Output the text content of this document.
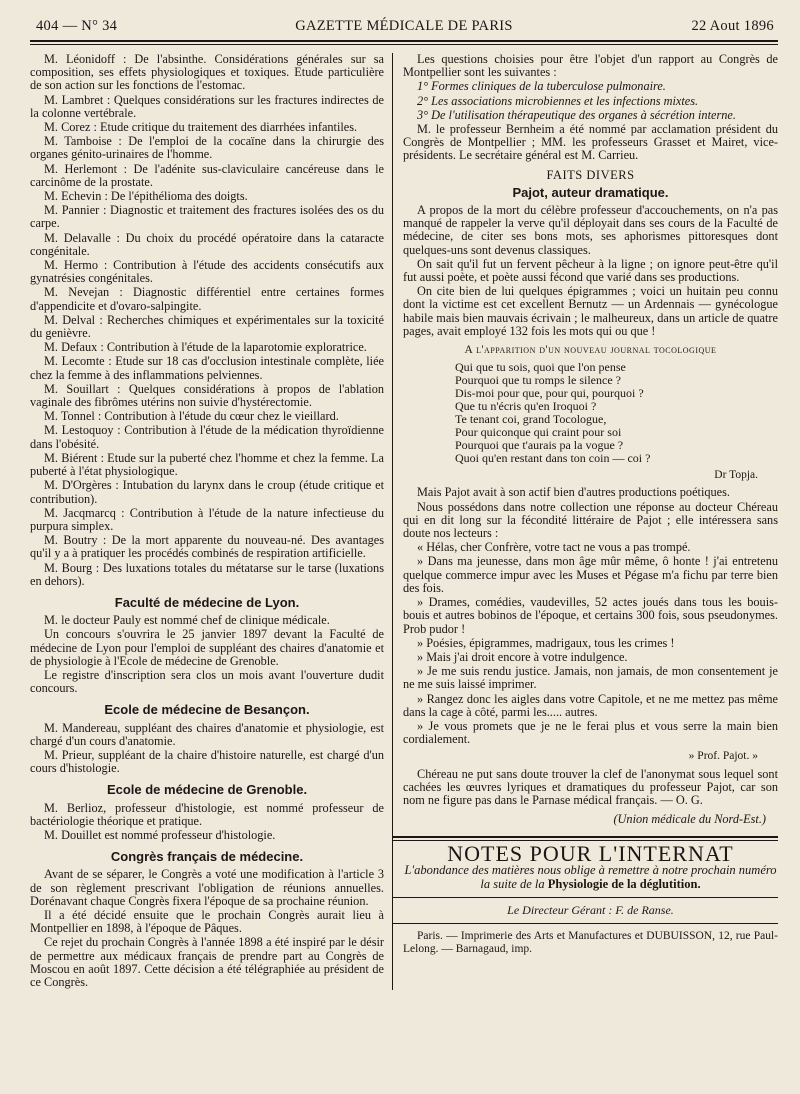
404 — N° 34	GAZETTE MÉDICALE DE PARIS	22 Aout 1896

M. Léonidoff : De l'absinthe. Considérations générales sur sa composition, ses effets physiologiques et toxiques. Etude particulière de son action sur les fonctions de l'estomac.

M. Lambret : Quelques considérations sur les fractures indirectes de la colonne vertébrale.

M. Corez : Etude critique du traitement des diarrhées infantiles.

M. Tamboise : De l'emploi de la cocaïne dans la chirurgie des organes génito-urinaires de l'homme.

M. Herlemont : De l'adénite sus-claviculaire cancéreuse dans le carcinôme de la prostate.

M. Echevin : De l'épithélioma des doigts.

M. Pannier : Diagnostic et traitement des fractures isolées des os du carpe.

M. Delavalle : Du choix du procédé opératoire dans la cataracte congénitale.

M. Hermo : Contribution à l'étude des accidents consécutifs aux gynatrésies congénitales.

M. Nevejan : Diagnostic différentiel entre certaines formes d'appendicite et d'ovaro-salpingite.

M. Delval : Recherches chimiques et expérimentales sur la toxicité du genièvre.

M. Defaux : Contribution à l'étude de la laparotomie exploratrice.

M. Lecomte : Etude sur 18 cas d'occlusion intestinale complète, liée chez la femme à des inflammations pelviennes.

M. Souillart : Quelques considérations à propos de l'ablation vaginale des fibrômes utérins non suivie d'hystérectomie.

M. Tonnel : Contribution à l'étude du cœur chez le vieillard.

M. Lestoquoy : Contribution à l'étude de la médication thyroïdienne dans l'obésité.

M. Biérent : Etude sur la puberté chez l'homme et chez la femme. La puberté à l'état physiologique.

M. D'Orgères : Intubation du larynx dans le croup (étude critique et contribution).

M. Jacqmarcq : Contribution à l'étude de la nature infectieuse du purpura simplex.

M. Boutry : De la mort apparente du nouveau-né. Des avantages qu'il y a à pratiquer les procédés combinés de respiration artificielle.

M. Bourg : Des luxations totales du métatarse sur le tarse (luxations en dehors).

Faculté de médecine de Lyon.

M. le docteur Pauly est nommé chef de clinique médicale.

Un concours s'ouvrira le 25 janvier 1897 devant la Faculté de médecine de Lyon pour l'emploi de suppléant des chaires d'anatomie et de physiologie à l'Ecole de médecine de Grenoble.

Le registre d'inscription sera clos un mois avant l'ouverture dudit concours.

Ecole de médecine de Besançon.

M. Mandereau, suppléant des chaires d'anatomie et physiologie, est chargé d'un cours d'anatomie.

M. Prieur, suppléant de la chaire d'histoire naturelle, est chargé d'un cours d'histologie.

Ecole de médecine de Grenoble.

M. Berlioz, professeur d'histologie, est nommé professeur de bactériologie théorique et pratique.

M. Douillet est nommé professeur d'histologie.

Congrès français de médecine.

Avant de se séparer, le Congrès a voté une modification à l'article 3 de son règlement prescrivant l'obligation de réunions annuelles. Dorénavant chaque Congrès fixera l'époque de sa prochaine réunion.

Il a été décidé ensuite que le prochain Congrès aurait lieu à Montpellier en 1898, à l'époque de Pâques.

Ce rejet du prochain Congrès à l'année 1898 a été inspiré par le désir de permettre aux médicaux français de prendre part au Congrès de Moscou en août 1897. Cette décision a été télégraphiée au président de ce Congrès.

Les questions choisies pour être l'objet d'un rapport au Congrès de Montpellier sont les suivantes :

1° Formes cliniques de la tuberculose pulmonaire.

2° Les associations microbiennes et les infections mixtes.

3° De l'utilisation thérapeutique des organes à sécrétion interne.

M. le professeur Bernheim a été nommé par acclamation président du Congrès de Montpellier ; MM. les professeurs Grasset et Mairet, vice-présidents. Le secrétaire général est M. Carrieu.

FAITS DIVERS
Pajot, auteur dramatique.

A propos de la mort du célèbre professeur d'accouchements, on n'a pas manqué de rappeler la verve qu'il déployait dans ses cours de la Faculté de médecine, de citer ses bons mots, ses aphorismes pittoresques dont quelques-uns sont devenus classiques.

On sait qu'il fut un fervent pêcheur à la ligne ; on ignore peut-être qu'il fut aussi poète, et poète aussi fécond que varié dans ses productions.

On cite bien de lui quelques épigrammes ; voici un huitain peu connu dont la victime est cet excellent Bernutz — un Ardennais — gynécologue habile mais bien mauvais écrivain ; le malheureux, dans un article de quatre pages, avait employé 132 fois les mots qui ou que !

A l'apparition d'un nouveau journal tocologique
Qui que tu sois, quoi que l'on pense
Pourquoi que tu romps le silence ?
Dis-moi pour que, pour qui, pourquoi ?
Que tu n'écris qu'en Iroquoi ?
Te tenant coi, grand Tocologue,
Pour quiconque qui craint pour soi
Pourquoi que t'aurais pa la vogue ?
Quoi qu'en restant dans ton coin — coi ?
Dr Topja.

Mais Pajot avait à son actif bien d'autres productions poétiques.

Nous possédons dans notre collection une réponse au docteur Chéreau qui en dit long sur la fécondité littéraire de Pajot ; elle intéressera sans doute nos lecteurs :

« Hélas, cher Confrère, votre tact ne vous a pas trompé.

» Dans ma jeunesse, dans mon âge mûr même, ô honte ! j'ai entretenu quelque commerce impur avec les Muses et Pégase m'a fichu par terre bien des fois.

» Drames, comédies, vaudevilles, 52 actes joués dans tous les bouis-bouis et autres bobinos de l'époque, et certains 300 fois, sous pseudonymes. Prob pudor !

» Poésies, épigrammes, madrigaux, tous les crimes !

» Mais j'ai droit encore à votre indulgence.

» Je me suis rendu justice. Jamais, non jamais, de mon consentement je ne me suis laissé imprimer.

» Rangez donc les aigles dans votre Capitole, et ne me mettez pas même dans la cage à côté, parmi les..... autres.

» Je vous promets que je ne le ferai plus et vous serre la main bien cordialement.

» Prof. Pajot. »

Chéreau ne put sans doute trouver la clef de l'anonymat sous lequel sont cachées les œuvres lyriques et dramatiques du professeur Pajot, car son nom ne figure pas dans le Parnase médical français. — O. G.

(Union médicale du Nord-Est.)
NOTES POUR L'INTERNAT
L'abondance des matières nous oblige à remettre à notre prochain numéro la suite de la Physiologie de la déglutition.
Le Directeur Gérant : F. de Ranse.

Paris. — Imprimerie des Arts et Manufactures et DUBUISSON, 12, rue Paul-Lelong. — Barnagaud, imp.
